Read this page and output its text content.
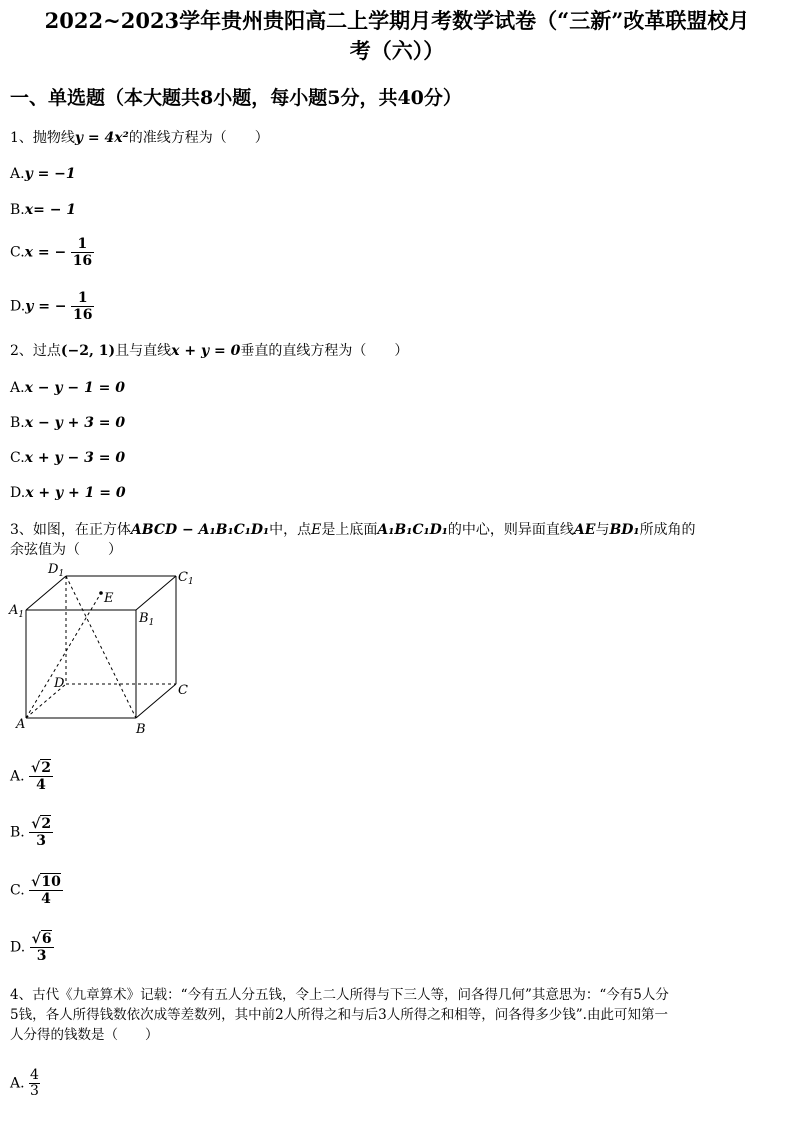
2022~2023学年贵州贵阳高二上学期月考数学试卷（“三新”改革联盟校月
考（六））
一、单选题（本大题共8小题，每小题5分，共40分）
1、抛物线y = 4x²的准线方程为（　　）
A.y = −1
B.x= − 1
C.x = − $\frac{1}{16}$
D.y = − $\frac{1}{16}$
2、过点(−2, 1)且与直线x + y = 0垂直的直线方程为（　　）
A.x − y − 1 = 0
B.x − y + 3 = 0
C.x + y − 3 = 0
D.x + y + 1 = 0
3、如图，在正方体ABCD − A₁B₁C₁D₁中，点E是上底面A₁B₁C₁D₁的中心，则异面直线AE与BD₁所成角的
余弦值为（　　）
$D_1$	$C_1$
$A_1$	$B_1$
E
D	C
A	B
A. $\frac{√2}{4}$
B. $\frac{√2}{3}$
C. $\frac{√10}{4}$
D. $\frac{√6}{3}$
4、古代《九章算术》记载：“今有五人分五钱，令上二人所得与下三人等，问各得几何”其意思为：“今有5人分
5钱，各人所得钱数依次成等差数列，其中前2人所得之和与后3人所得之和相等，问各得多少钱”.由此可知第一
人分得的钱数是（　　）
A. $\frac{4}{3}$
